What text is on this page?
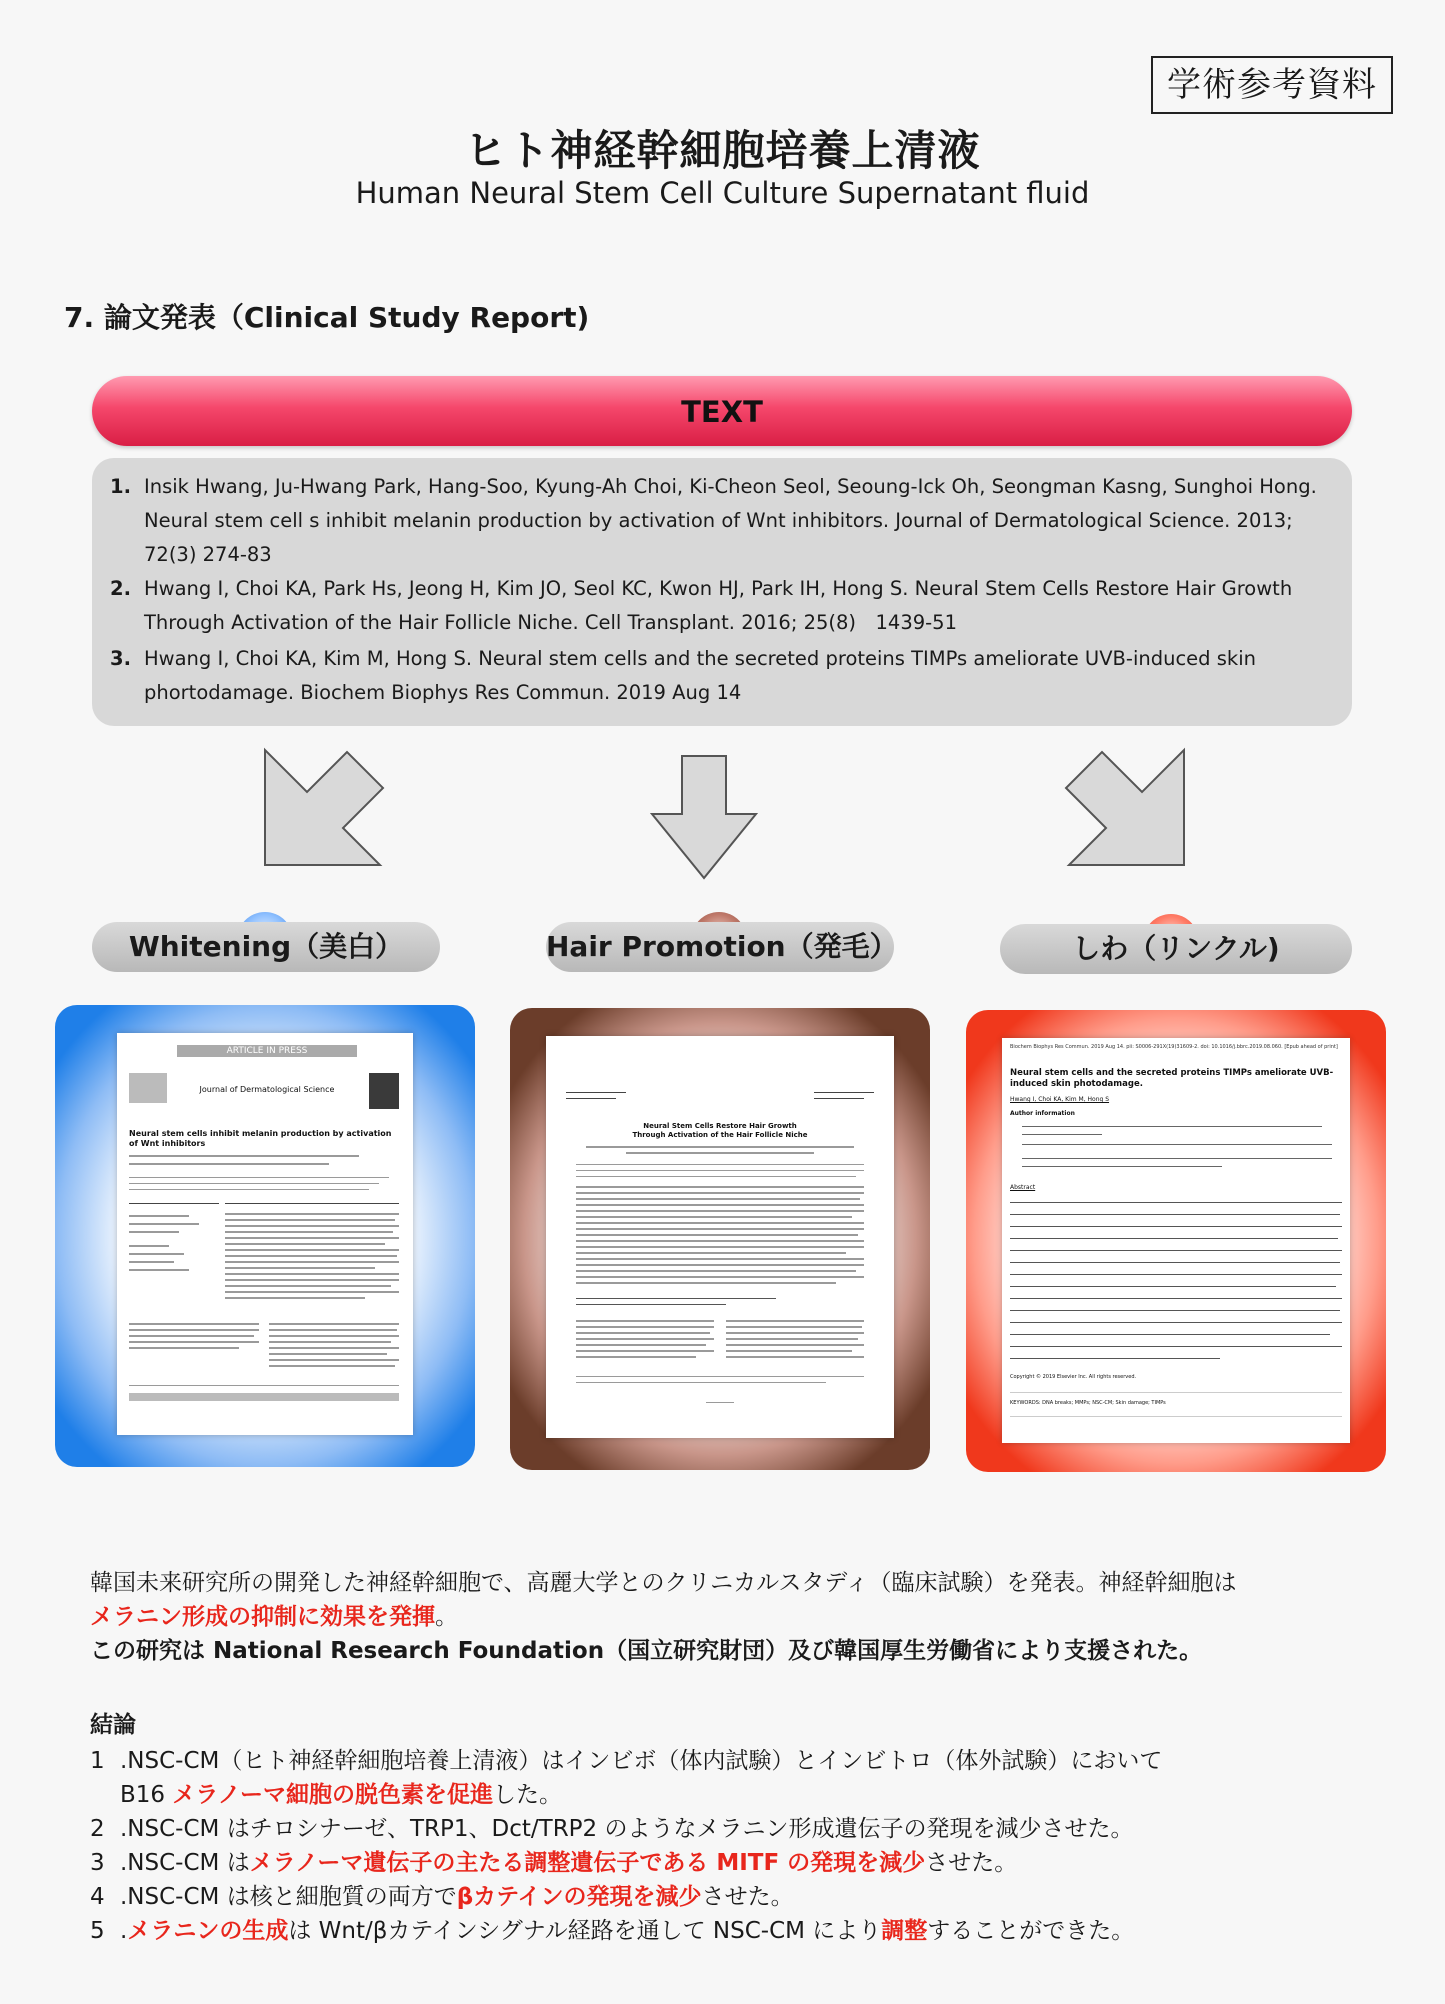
学術参考資料
ヒト神経幹細胞培養上清液
Human Neural Stem Cell Culture Supernatant fluid
7. 論文発表（Clinical Study Report)
TEXT
1. Insik Hwang, Ju-Hwang Park, Hang-Soo, Kyung-Ah Choi, Ki-Cheon Seol, Seoung-Ick Oh, Seongman Kasng, Sunghoi Hong. Neural stem cell s inhibit melanin production by activation of Wnt inhibitors. Journal of Dermatological Science. 2013; 72(3) 274-83
2. Hwang I, Choi KA, Park Hs, Jeong H, Kim JO, Seol KC, Kwon HJ, Park IH, Hong S. Neural Stem Cells Restore Hair Growth Through Activation of the Hair Follicle Niche. Cell Transplant. 2016; 25(8)　1439-51
3. Hwang I, Choi KA, Kim M, Hong S. Neural stem cells and the secreted proteins TIMPs ameliorate UVB-induced skin phortodamage. Biochem Biophys Res Commun. 2019 Aug 14
Whitening（美白）
ARTICLE IN PRESS
Journal of Dermatological Science
Neural stem cells inhibit melanin production by activation of Wnt inhibitors
Hair Promotion（発毛）
Neural Stem Cells Restore Hair Growth Through Activation of the Hair Follicle Niche
しわ（リンクル)
Biochem Biophys Res Commun. 2019 Aug 14. pii: S0006-291X(19)31609-2. doi: 10.1016/j.bbrc.2019.08.060. [Epub ahead of print]
Neural stem cells and the secreted proteins TIMPs ameliorate UVB-induced skin photodamage.
Hwang I, Choi KA, Kim M, Hong S
Author information
Abstract
Copyright © 2019 Elsevier Inc. All rights reserved.
KEYWORDS: DNA breaks; MMPs; NSC-CM; Skin damage; TIMPs
韓国未来研究所の開発した神経幹細胞で、高麗大学とのクリニカルスタディ（臨床試験）を発表。神経幹細胞は
メラニン形成の抑制に効果を発揮。
この研究は National Research Foundation（国立研究財団）及び韓国厚生労働省により支援された。
結論
1 .NSC-CM（ヒト神経幹細胞培養上清液）はインビボ（体内試験）とインビトロ（体外試験）において
B16 メラノーマ細胞の脱色素を促進した。
2 .NSC-CM はチロシナーゼ、TRP1、Dct/TRP2 のようなメラニン形成遺伝子の発現を減少させた。
3 .NSC-CM はメラノーマ遺伝子の主たる調整遺伝子である MITF の発現を減少させた。
4 .NSC-CM は核と細胞質の両方でβカテインの発現を減少させた。
5 .メラニンの生成は Wnt/βカテインシグナル経路を通して NSC-CM により調整することができた。
